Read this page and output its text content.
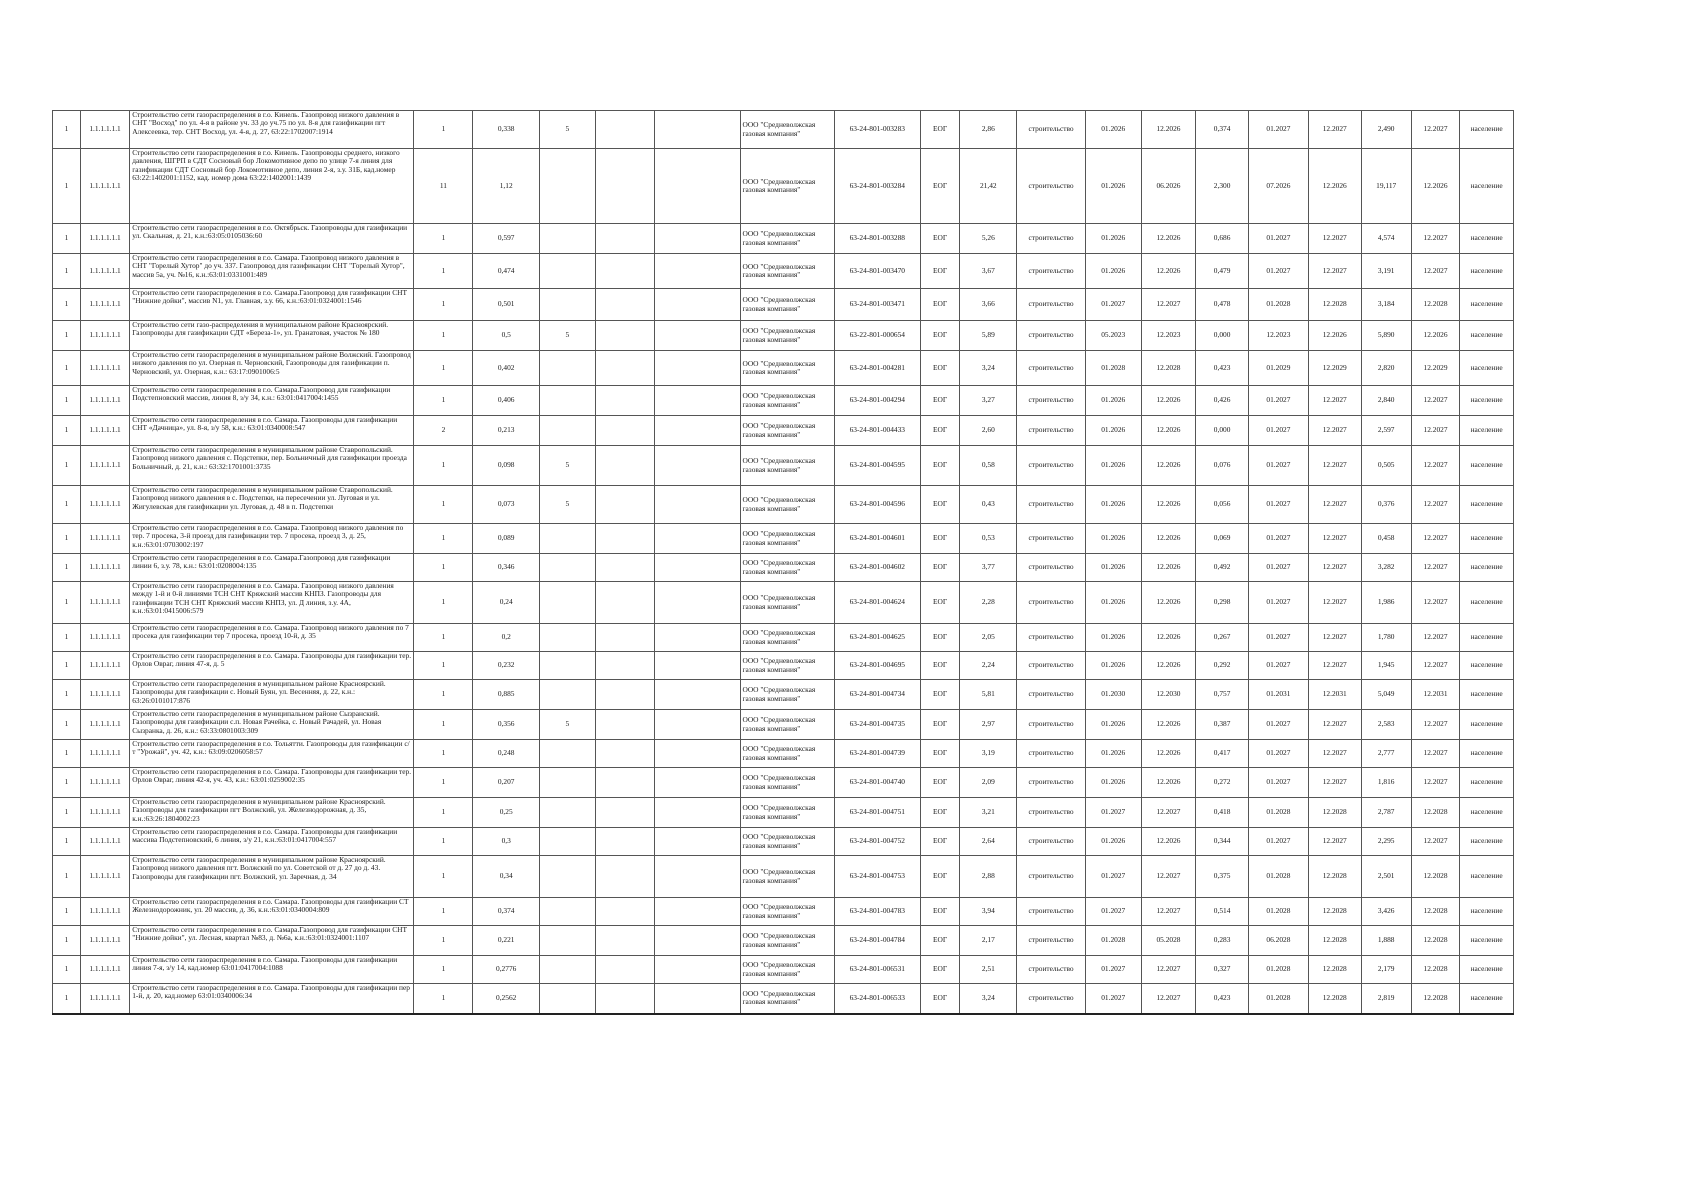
1	1.1.1.1.1.1	Строительство сети газораспределения в г.о. Кинель. Газопровод низкого давления в СНТ "Восход" по ул. 4-я в районе уч. 33 до уч.75 по ул. 8-я для газификации пгт Алексеевка, тер. СНТ Восход, ул. 4-я, д. 27, 63:22:1702007:1914	1	0,338	5			ООО "Средневолжская газовая компания"	63-24-801-003283	ЕОГ	2,86	строительство	01.2026	12.2026	0,374	01.2027	12.2027	2,490	12.2027	население
1	1.1.1.1.1.1	Строительство сети газораспределения в г.о. Кинель. Газопроводы среднего, низкого давления, ШГРП в СДТ Сосновый бор Локомотивное депо по улице 7-я линия для газификации СДТ Сосновый бор Локомотивное депо, линия 2-я, з.у. 31Б, кад.номер 63:22:1402001:1152, кад. номер дома 63:22:1402001:1439	11	1,12				ООО "Средневолжская газовая компания"	63-24-801-003284	ЕОГ	21,42	строительство	01.2026	06.2026	2,300	07.2026	12.2026	19,117	12.2026	население
1	1.1.1.1.1.1	Строительство сети газораспределения в г.о. Октябрьск. Газопроводы для газификации ул. Скальная, д. 21, к.н.:63:05:0105036:60	1	0,597				ООО "Средневолжская газовая компания"	63-24-801-003288	ЕОГ	5,26	строительство	01.2026	12.2026	0,686	01.2027	12.2027	4,574	12.2027	население
1	1.1.1.1.1.1	Строительство сети газораспределения в г.о. Самара. Газопровод низкого давления в СНТ "Горелый Хутор" до уч. 337. Газопровод для газификации СНТ "Горелый Хутор", массив 5а, уч. №16, к.н.:63:01:0331001:489	1	0,474				ООО "Средневолжская газовая компания"	63-24-801-003470	ЕОГ	3,67	строительство	01.2026	12.2026	0,479	01.2027	12.2027	3,191	12.2027	население
1	1.1.1.1.1.1	Строительство сети газораспределения в г.о. Самара.Газопровод для газификации СНТ "Нижние дойки", массив N1, ул. Главная, з.у. 66, к.н.:63:01:0324001:1546	1	0,501				ООО "Средневолжская газовая компания"	63-24-801-003471	ЕОГ	3,66	строительство	01.2027	12.2027	0,478	01.2028	12.2028	3,184	12.2028	население
1	1.1.1.1.1.1	Строительство сети газо-распределения в муниципальном районе Красноярский. Газопроводы для газификации СДТ «Береза-1», ул. Гранатовая, участок № 180	1	0,5	5			ООО "Средневолжская газовая компания"	63-22-801-000654	ЕОГ	5,89	строительство	05.2023	12.2023	0,000	12.2023	12.2026	5,890	12.2026	население
1	1.1.1.1.1.1	Строительство сети газораспределения в муниципальном районе Волжский. Газопровод низкого давления по ул. Озерная п. Черновский, Газопроводы для газификации п. Черновский, ул. Озерная, к.н.: 63:17:0901006:5	1	0,402				ООО "Средневолжская газовая компания"	63-24-801-004281	ЕОГ	3,24	строительство	01.2028	12.2028	0,423	01.2029	12.2029	2,820	12.2029	население
1	1.1.1.1.1.1	Строительство сети газораспределения в г.о. Самара.Газопровод для газификации Подстепновский массив, линия 8, з/у 34, к.н.: 63:01:0417004:1455	1	0,406				ООО "Средневолжская газовая компания"	63-24-801-004294	ЕОГ	3,27	строительство	01.2026	12.2026	0,426	01.2027	12.2027	2,840	12.2027	население
1	1.1.1.1.1.1	Строительство сети газораспределения в г.о. Самара. Газопроводы для газификации СНТ «Дачница», ул. 8-я, з/у 58, к.н.: 63:01:0340008:547	2	0,213				ООО "Средневолжская газовая компания"	63-24-801-004433	ЕОГ	2,60	строительство	01.2026	12.2026	0,000	01.2027	12.2027	2,597	12.2027	население
1	1.1.1.1.1.1	Строительство сети газораспределения в муниципальном районе Ставропольский. Газопровод низкого давления с. Подстепки, пер. Больничный для газификации проезда Больничный, д. 21, к.н.: 63:32:1701001:3735	1	0,098	5			ООО "Средневолжская газовая компания"	63-24-801-004595	ЕОГ	0,58	строительство	01.2026	12.2026	0,076	01.2027	12.2027	0,505	12.2027	население
1	1.1.1.1.1.1	Строительство сети газораспределения в муниципальном районе Ставропольский. Газопровод низкого давления в с. Подстепки, на пересечении ул. Луговая и ул. Жигулевская для газификации ул. Луговая, д. 48 в п. Подстепки	1	0,073	5			ООО "Средневолжская газовая компания"	63-24-801-004596	ЕОГ	0,43	строительство	01.2026	12.2026	0,056	01.2027	12.2027	0,376	12.2027	население
1	1.1.1.1.1.1	Строительство сети газораспределения в г.о. Самара. Газопровод низкого давления по тер. 7 просека, 3-й проезд для газификации тер. 7 просека, проезд 3, д. 25, к.н.:63:01:0703002:197	1	0,089				ООО "Средневолжская газовая компания"	63-24-801-004601	ЕОГ	0,53	строительство	01.2026	12.2026	0,069	01.2027	12.2027	0,458	12.2027	население
1	1.1.1.1.1.1	Строительство сети газораспределения в г.о. Самара.Газопровод для газификации линии 6, з.у. 78, к.н.: 63:01:0208004:135	1	0,346				ООО "Средневолжская газовая компания"	63-24-801-004602	ЕОГ	3,77	строительство	01.2026	12.2026	0,492	01.2027	12.2027	3,282	12.2027	население
1	1.1.1.1.1.1	Строительство сети газораспределения в г.о. Самара. Газопровод низкого давления между 1-й и 0-й линиями ТСН СНТ Кряжский массив КНПЗ. Газопроводы для газификации ТСН СНТ Кряжский массив КНПЗ, ул. Д линия, з.у. 4А, к.н.:63:01:0415006:579	1	0,24				ООО "Средневолжская газовая компания"	63-24-801-004624	ЕОГ	2,28	строительство	01.2026	12.2026	0,298	01.2027	12.2027	1,986	12.2027	население
1	1.1.1.1.1.1	Строительство сети газораспределения в г.о. Самара. Газопровод низкого давления по 7 просека для газификации тер 7 просека, проезд 10-й, д. 35	1	0,2				ООО "Средневолжская газовая компания"	63-24-801-004625	ЕОГ	2,05	строительство	01.2026	12.2026	0,267	01.2027	12.2027	1,780	12.2027	население
1	1.1.1.1.1.1	Строительство сети газораспределения в г.о. Самара. Газопроводы для газификации тер. Орлов Овраг, линия 47-я, д. 5	1	0,232				ООО "Средневолжская газовая компания"	63-24-801-004695	ЕОГ	2,24	строительство	01.2026	12.2026	0,292	01.2027	12.2027	1,945	12.2027	население
1	1.1.1.1.1.1	Строительство сети газораспределения в муниципальном районе Красноярский. Газопроводы для газификации с. Новый Буян, ул. Весенняя, д. 22, к.н.: 63:26:0101017:876	1	0,885				ООО "Средневолжская газовая компания"	63-24-801-004734	ЕОГ	5,81	строительство	01.2030	12.2030	0,757	01.2031	12.2031	5,049	12.2031	население
1	1.1.1.1.1.1	Строительство сети газораспределения в муниципальном районе Сызранский. Газопроводы для газификации с.п. Новая Рачейка, с. Новый Рачадей, ул. Новая Сызранка, д. 26, к.н.: 63:33:0801003:309	1	0,356	5			ООО "Средневолжская газовая компания"	63-24-801-004735	ЕОГ	2,97	строительство	01.2026	12.2026	0,387	01.2027	12.2027	2,583	12.2027	население
1	1.1.1.1.1.1	Строительство сети газораспределения в г.о. Тольятти. Газопроводы для газификации с/т "Урожай", уч. 42, к.н.: 63:09:0206058:57	1	0,248				ООО "Средневолжская газовая компания"	63-24-801-004739	ЕОГ	3,19	строительство	01.2026	12.2026	0,417	01.2027	12.2027	2,777	12.2027	население
1	1.1.1.1.1.1	Строительство сети газораспределения в г.о. Самара. Газопроводы для газификации тер. Орлов Овраг, линия 42-я, уч. 43, к.н.: 63:01:0259002:35	1	0,207				ООО "Средневолжская газовая компания"	63-24-801-004740	ЕОГ	2,09	строительство	01.2026	12.2026	0,272	01.2027	12.2027	1,816	12.2027	население
1	1.1.1.1.1.1	Строительство сети газораспределения в муниципальном районе Красноярский. Газопроводы для газификации пгт Волжский, ул. Железнодорожная, д. 35, к.н.:63:26:1804002:23	1	0,25				ООО "Средневолжская газовая компания"	63-24-801-004751	ЕОГ	3,21	строительство	01.2027	12.2027	0,418	01.2028	12.2028	2,787	12.2028	население
1	1.1.1.1.1.1	Строительство сети газораспределения в г.о. Самара. Газопроводы для газификации массива Подстепновский, 6 линия, з/у 21, к.н.:63:01:0417004:557	1	0,3				ООО "Средневолжская газовая компания"	63-24-801-004752	ЕОГ	2,64	строительство	01.2026	12.2026	0,344	01.2027	12.2027	2,295	12.2027	население
1	1.1.1.1.1.1	Строительство сети газораспределения в муниципальном районе Красноярский. Газопровод низкого давления пгт. Волжский по ул. Советской от д. 27 до д. 43. Газопроводы для газификации пгт. Волжский, ул. Заречная, д. 34	1	0,34				ООО "Средневолжская газовая компания"	63-24-801-004753	ЕОГ	2,88	строительство	01.2027	12.2027	0,375	01.2028	12.2028	2,501	12.2028	население
1	1.1.1.1.1.1	Строительство сети газораспределения в г.о. Самара. Газопроводы для газификации СТ Железнодорожник, ул. 20 массив, д. 36, к.н.:63:01:0340004:809	1	0,374				ООО "Средневолжская газовая компания"	63-24-801-004783	ЕОГ	3,94	строительство	01.2027	12.2027	0,514	01.2028	12.2028	3,426	12.2028	население
1	1.1.1.1.1.1	Строительство сети газораспределения в г.о. Самара.Газопровод для газификации СНТ "Нижние дойки", ул. Лесная, квартал №83, д. №6а, к.н.:63:01:0324001:1107	1	0,221				ООО "Средневолжская газовая компания"	63-24-801-004784	ЕОГ	2,17	строительство	01.2028	05.2028	0,283	06.2028	12.2028	1,888	12.2028	население
1	1.1.1.1.1.1	Строительство сети газораспределения в г.о. Самара. Газопроводы для газификации линия 7-я, з/у 14, кад.номер 63:01:0417004:1088	1	0,2776				ООО "Средневолжская газовая компания"	63-24-801-006531	ЕОГ	2,51	строительство	01.2027	12.2027	0,327	01.2028	12.2028	2,179	12.2028	население
1	1.1.1.1.1.1	Строительство сети газораспределения в г.о. Самара. Газопроводы для газификации пер 1-й, д. 20, кад.номер 63:01:0340006:34	1	0,2562				ООО "Средневолжская газовая компания"	63-24-801-006533	ЕОГ	3,24	строительство	01.2027	12.2027	0,423	01.2028	12.2028	2,819	12.2028	население
